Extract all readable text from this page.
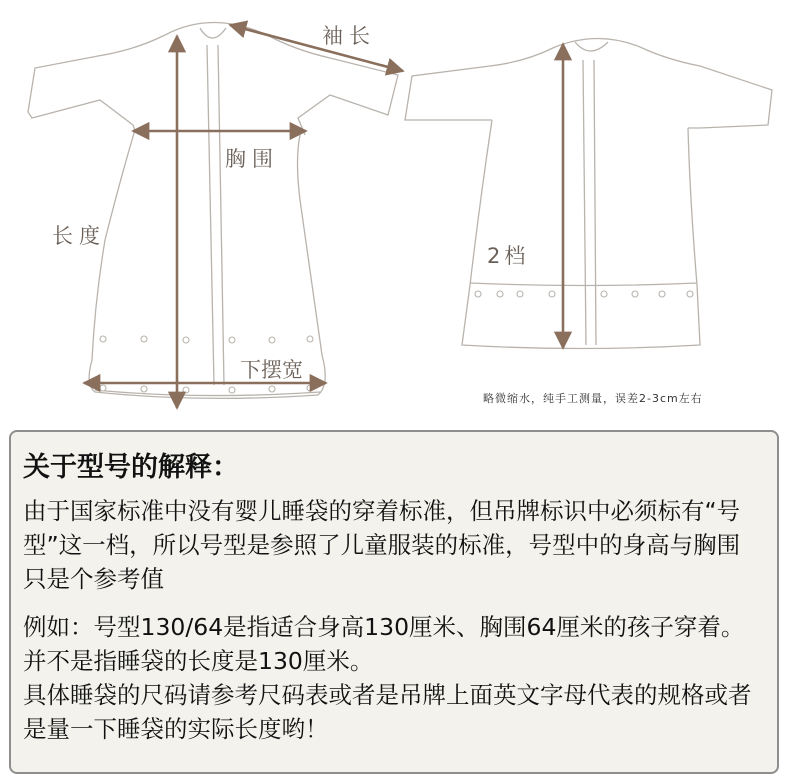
袖长
胸围
长度
下摆宽
2档
略微缩水，纯手工测量，误差2-3cm左右
关于型号的解释：

由于国家标准中没有婴儿睡袋的穿着标准，但吊牌标识中必须标有“号型”这一档，所以号型是参照了儿童服装的标准，号型中的身高与胸围只是个参考值

例如：号型130/64是指适合身高130厘米、胸围64厘米的孩子穿着。并不是指睡袋的长度是130厘米。

具体睡袋的尺码请参考尺码表或者是吊牌上面英文字母代表的规格或者是量一下睡袋的实际长度哟！
